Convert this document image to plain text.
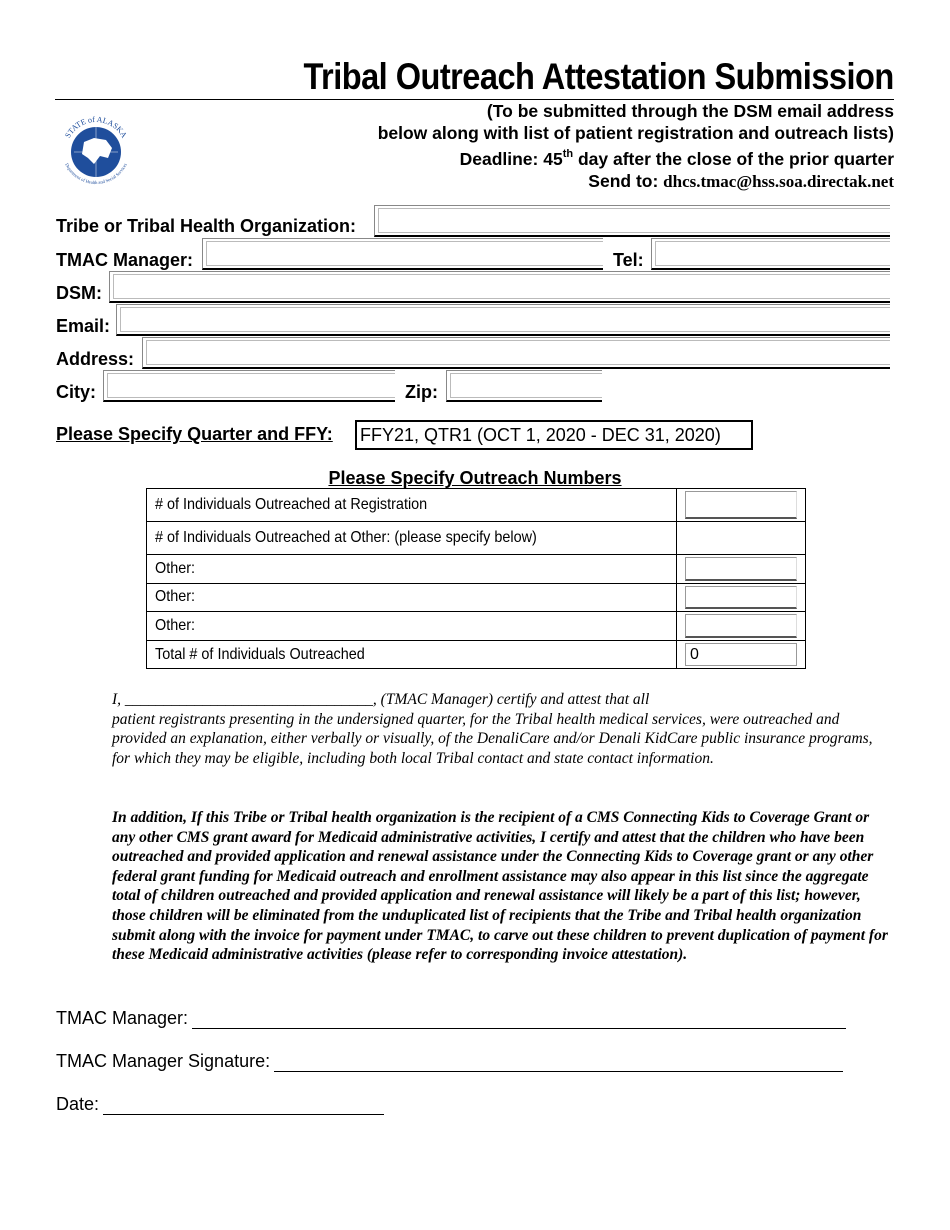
Tribal Outreach Attestation Submission
STATE of ALASKA
Department of Health and Social Services
(To be submitted through the DSM email address
below along with list of patient registration and outreach lists)
Deadline: 45th day after the close of the prior quarter
Send to: dhcs.tmac@hss.soa.directak.net
Tribe or Tribal Health Organization:
TMAC Manager:	Tel:
DSM:
Email:
Address:
City:	Zip:
Please Specify Quarter and FFY: FFY21, QTR1 (OCT 1, 2020 - DEC 31, 2020)
Please Specify Outreach Numbers
# of Individuals Outreached at Registration	

# of Individuals Outreached at Other: (please specify below)	
Other:	

Other:	

Other:	

Total # of Individuals Outreached	0
I, ________________________________, (TMAC Manager) certify and attest that all
patient registrants presenting in the undersigned quarter, for the Tribal health medical services, were outreached and provided an explanation, either verbally or visually, of the DenaliCare and/or Denali KidCare public insurance programs, for which they may be eligible, including both local Tribal contact and state contact information.
In addition, If this Tribe or Tribal health organization is the recipient of a CMS Connecting Kids to Coverage Grant or any other CMS grant award for Medicaid administrative activities, I certify and attest that the children who have been outreached and provided application and renewal assistance under the Connecting Kids to Coverage grant or any other federal grant funding for Medicaid outreach and enrollment assistance may also appear in this list since the aggregate total of children outreached and provided application and renewal assistance will likely be a part of this list; however, those children will be eliminated from the unduplicated list of recipients that the Tribe and Tribal health organization submit along with the invoice for payment under TMAC, to carve out these children to prevent duplication of payment for these Medicaid administrative activities (please refer to corresponding invoice attestation).
TMAC Manager:
TMAC Manager Signature:
Date:
